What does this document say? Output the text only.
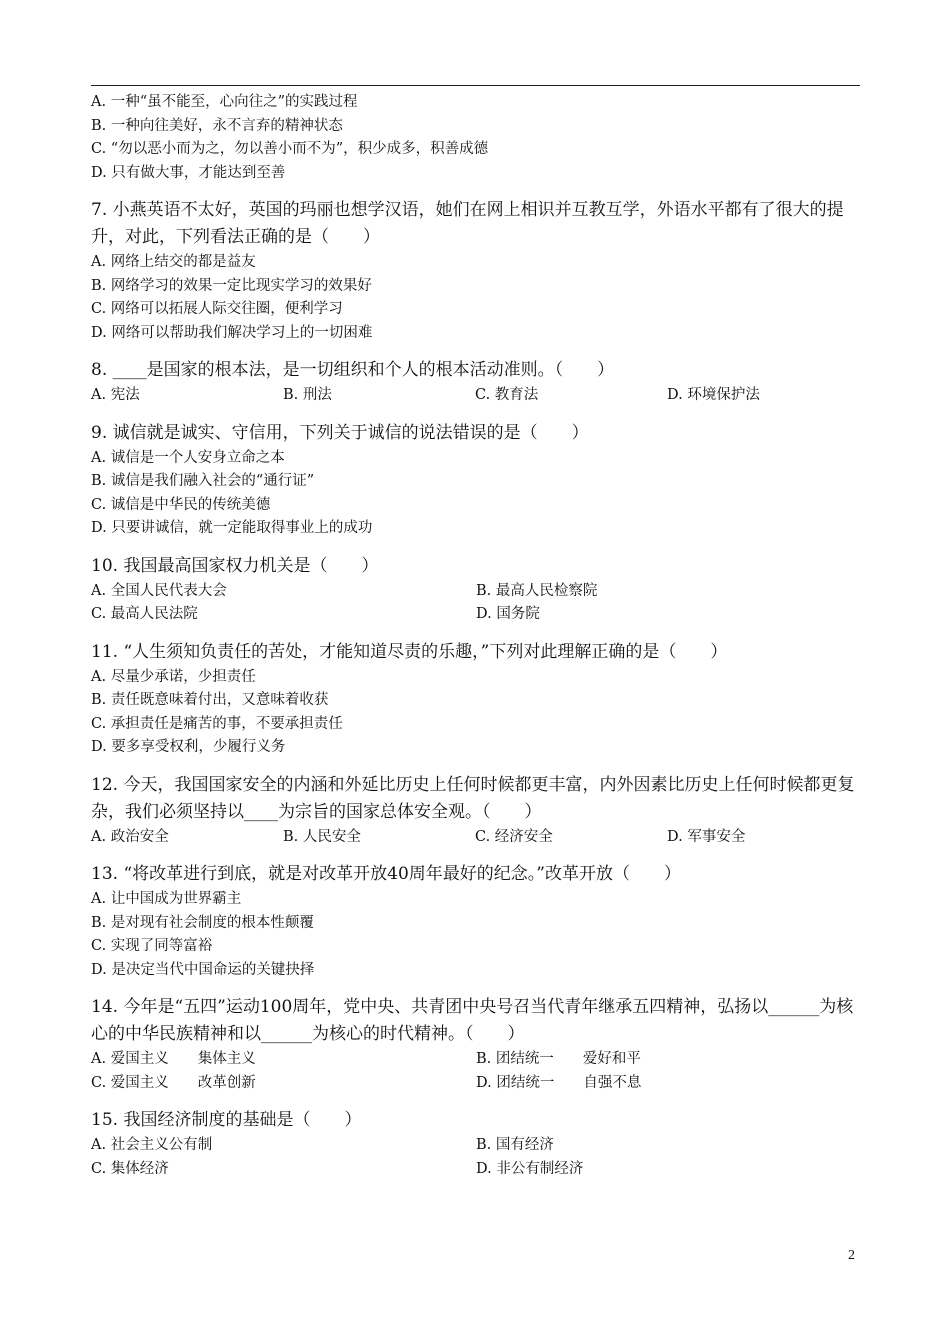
A. 一种“虽不能至，心向往之”的实践过程
B. 一种向往美好，永不言弃的精神状态
C. “勿以恶小而为之，勿以善小而不为”，积少成多，积善成德
D. 只有做大事，才能达到至善
7. 小燕英语不太好，英国的玛丽也想学汉语，她们在网上相识并互教互学，外语水平都有了很大的提升，对此，下列看法正确的是（　　）
A. 网络上结交的都是益友
B. 网络学习的效果一定比现实学习的效果好
C. 网络可以拓展人际交往圈，便利学习
D. 网络可以帮助我们解决学习上的一切困难
8. ____是国家的根本法，是一切组织和个人的根本活动准则。（　　）
A. 宪法	B. 刑法	C. 教育法	D. 环境保护法
9. 诚信就是诚实、守信用，下列关于诚信的说法错误的是（　　）
A. 诚信是一个人安身立命之本
B. 诚信是我们融入社会的“通行证”
C. 诚信是中华民的传统美德
D. 只要讲诚信，就一定能取得事业上的成功
10. 我国最高国家权力机关是（　　）
A. 全国人民代表大会	B. 最高人民检察院
C. 最高人民法院	D. 国务院
11. “人生须知负责任的苦处，才能知道尽责的乐趣，”下列对此理解正确的是（　　）
A. 尽量少承诺，少担责任
B. 责任既意味着付出，又意味着收获
C. 承担责任是痛苦的事，不要承担责任
D. 要多享受权利，少履行义务
12. 今天，我国国家安全的内涵和外延比历史上任何时候都更丰富，内外因素比历史上任何时候都更复杂，我们必须坚持以____为宗旨的国家总体安全观。（　　）
A. 政治安全	B. 人民安全	C. 经济安全	D. 军事安全
13. “将改革进行到底，就是对改革开放40周年最好的纪念。”改革开放（　　）
A. 让中国成为世界霸主
B. 是对现有社会制度的根本性颠覆
C. 实现了同等富裕
D. 是决定当代中国命运的关键抉择
14. 今年是“五四”运动100周年，党中央、共青团中央号召当代青年继承五四精神，弘扬以______为核心的中华民族精神和以______为核心的时代精神。（　　）
A. 爱国主义　　集体主义	B. 团结统一　　爱好和平
C. 爱国主义　　改革创新	D. 团结统一　　自强不息
15. 我国经济制度的基础是（　　）
A. 社会主义公有制	B. 国有经济
C. 集体经济	D. 非公有制经济
2
